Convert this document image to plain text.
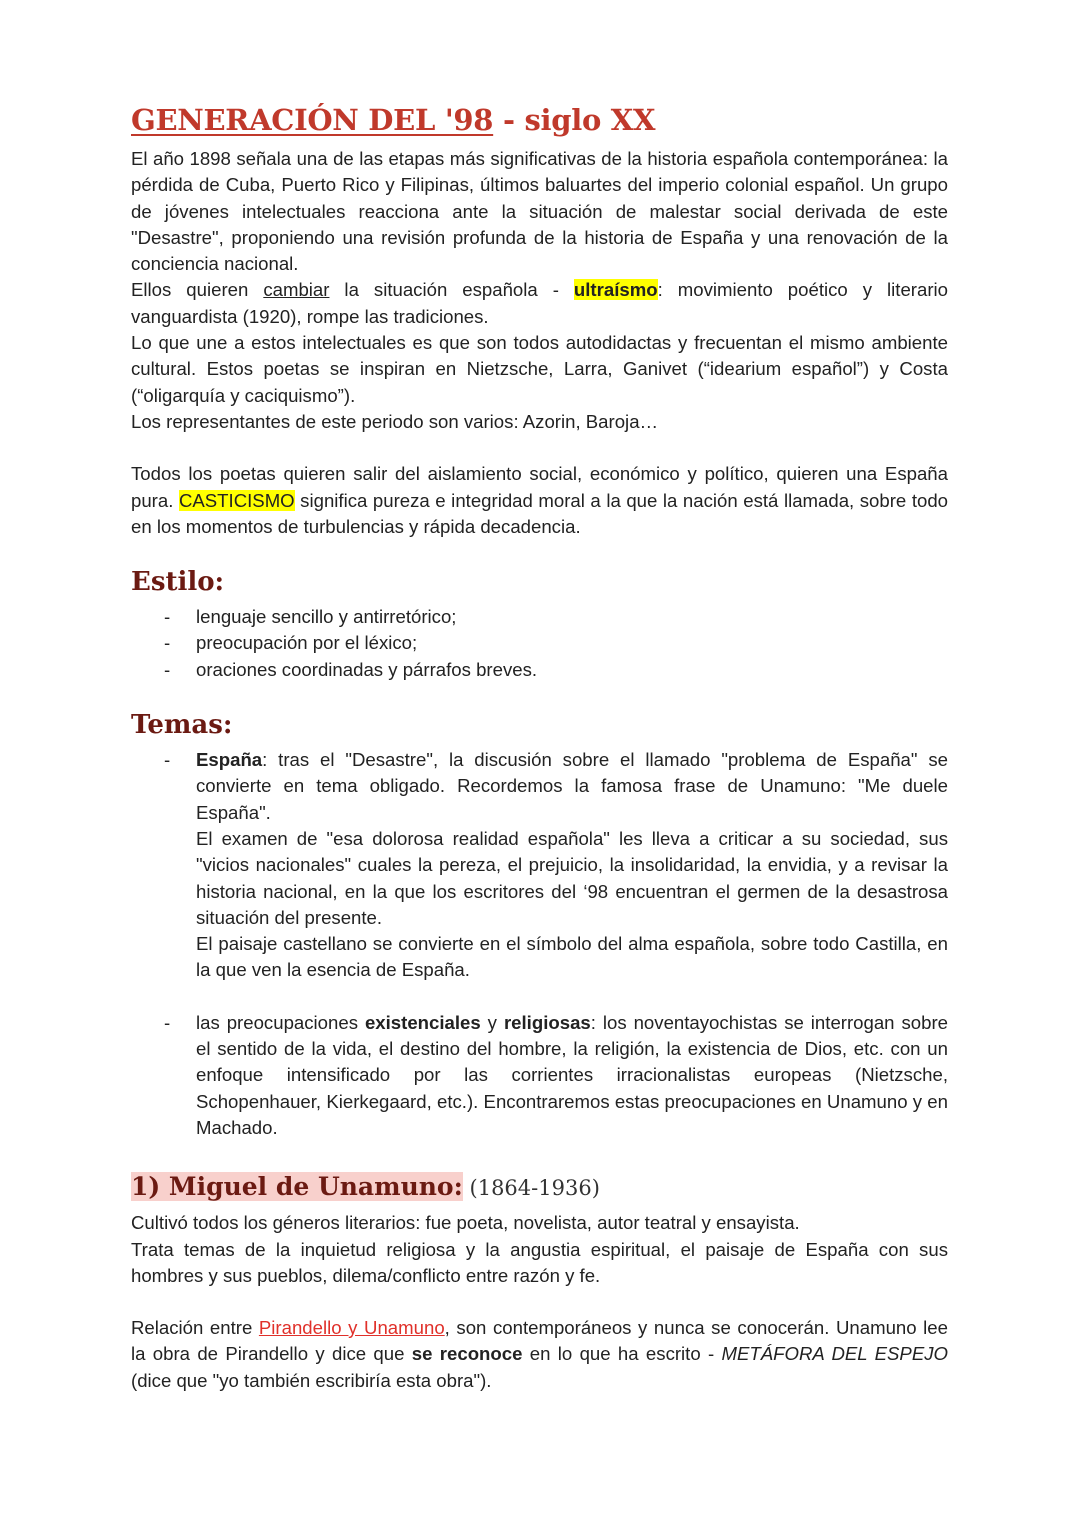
GENERACIÓN DEL '98 - siglo XX

El año 1898 señala una de las etapas más significativas de la historia española contemporánea: la pérdida de Cuba, Puerto Rico y Filipinas, últimos baluartes del imperio colonial español. Un grupo de jóvenes intelectuales reacciona ante la situación de malestar social derivada de este "Desastre", proponiendo una revisión profunda de la historia de España y una renovación de la conciencia nacional.

Ellos quieren cambiar la situación española - ultraísmo: movimiento poético y literario vanguardista (1920), rompe las tradiciones.

Lo que une a estos intelectuales es que son todos autodidactas y frecuentan el mismo ambiente cultural. Estos poetas se inspiran en Nietzsche, Larra, Ganivet (“idearium español”) y Costa (“oligarquía y caciquismo”).

Los representantes de este periodo son varios: Azorin, Baroja…

Todos los poetas quieren salir del aislamiento social, económico y político, quieren una España pura. CASTICISMO significa pureza e integridad moral a la que la nación está llamada, sobre todo en los momentos de turbulencias y rápida decadencia.

Estilo:
- lenguaje sencillo y antirretórico;
- preocupación por el léxico;
- oraciones coordinadas y párrafos breves.
Temas:
- España: tras el "Desastre", la discusión sobre el llamado "problema de España" se convierte en tema obligado. Recordemos la famosa frase de Unamuno: "Me duele España".

El examen de "esa dolorosa realidad española" les lleva a criticar a su sociedad, sus "vicios nacionales" cuales la pereza, el prejuicio, la insolidaridad, la envidia, y a revisar la historia nacional, en la que los escritores del ‘98 encuentran el germen de la desastrosa situación del presente.

El paisaje castellano se convierte en el símbolo del alma española, sobre todo Castilla, en la que ven la esencia de España.

- las preocupaciones existenciales y religiosas: los noventayochistas se interrogan sobre el sentido de la vida, el destino del hombre, la religión, la existencia de Dios, etc. con un enfoque intensificado por las corrientes irracionalistas europeas (Nietzsche, Schopenhauer, Kierkegaard, etc.). Encontraremos estas preocupaciones en Unamuno y en Machado.

1) Miguel de Unamuno: (1864-1936)

Cultivó todos los géneros literarios: fue poeta, novelista, autor teatral y ensayista.

Trata temas de la inquietud religiosa y la angustia espiritual, el paisaje de España con sus hombres y sus pueblos, dilema/conflicto entre razón y fe.

Relación entre Pirandello y Unamuno, son contemporáneos y nunca se conocerán. Unamuno lee la obra de Pirandello y dice que se reconoce en lo que ha escrito - METÁFORA DEL ESPEJO (dice que "yo también escribiría esta obra").
